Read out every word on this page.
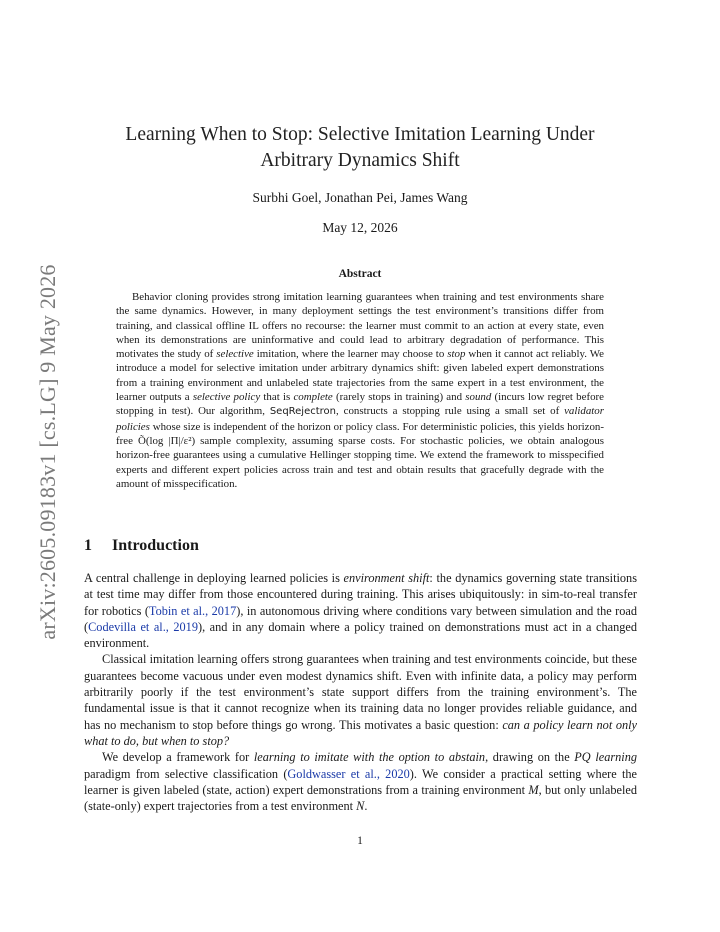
arXiv:2605.09183v1 [cs.LG] 9 May 2026
Learning When to Stop: Selective Imitation Learning Under
Arbitrary Dynamics Shift
Surbhi Goel, Jonathan Pei, James Wang
May 12, 2026
Abstract
Behavior cloning provides strong imitation learning guarantees when training and test environments share the same dynamics. However, in many deployment settings the test environment’s transitions differ from training, and classical offline IL offers no recourse: the learner must commit to an action at every state, even when its demonstrations are uninformative and could lead to arbitrary degradation of performance. This motivates the study of selective imitation, where the learner may choose to stop when it cannot act reliably. We introduce a model for selective imitation under arbitrary dynamics shift: given labeled expert demonstrations from a training environment and unlabeled state trajectories from the same expert in a test environment, the learner outputs a selective policy that is complete (rarely stops in training) and sound (incurs low regret before stopping in test). Our algorithm, SeqRejectron, constructs a stopping rule using a small set of validator policies whose size is independent of the horizon or policy class. For deterministic policies, this yields horizon-free Õ(log |Π|/ε²) sample complexity, assuming sparse costs. For stochastic policies, we obtain analogous horizon-free guarantees using a cumulative Hellinger stopping time. We extend the framework to misspecified experts and different expert policies across train and test and obtain results that gracefully degrade with the amount of misspecification.
1 Introduction

A central challenge in deploying learned policies is environment shift: the dynamics governing state transitions at test time may differ from those encountered during training. This arises ubiquitously: in sim-to-real transfer for robotics (Tobin et al., 2017), in autonomous driving where conditions vary between simulation and the road (Codevilla et al., 2019), and in any domain where a policy trained on demonstrations must act in a changed environment.

Classical imitation learning offers strong guarantees when training and test environments coincide, but these guarantees become vacuous under even modest dynamics shift. Even with infinite data, a policy may perform arbitrarily poorly if the test environment’s state support differs from the training environment’s. The fundamental issue is that it cannot recognize when its training data no longer provides reliable guidance, and has no mechanism to stop before things go wrong. This motivates a basic question: can a policy learn not only what to do, but when to stop?

We develop a framework for learning to imitate with the option to abstain, drawing on the PQ learning paradigm from selective classification (Goldwasser et al., 2020). We consider a practical setting where the learner is given labeled (state, action) expert demonstrations from a training environment M, but only unlabeled (state-only) expert trajectories from a test environment N.

1
